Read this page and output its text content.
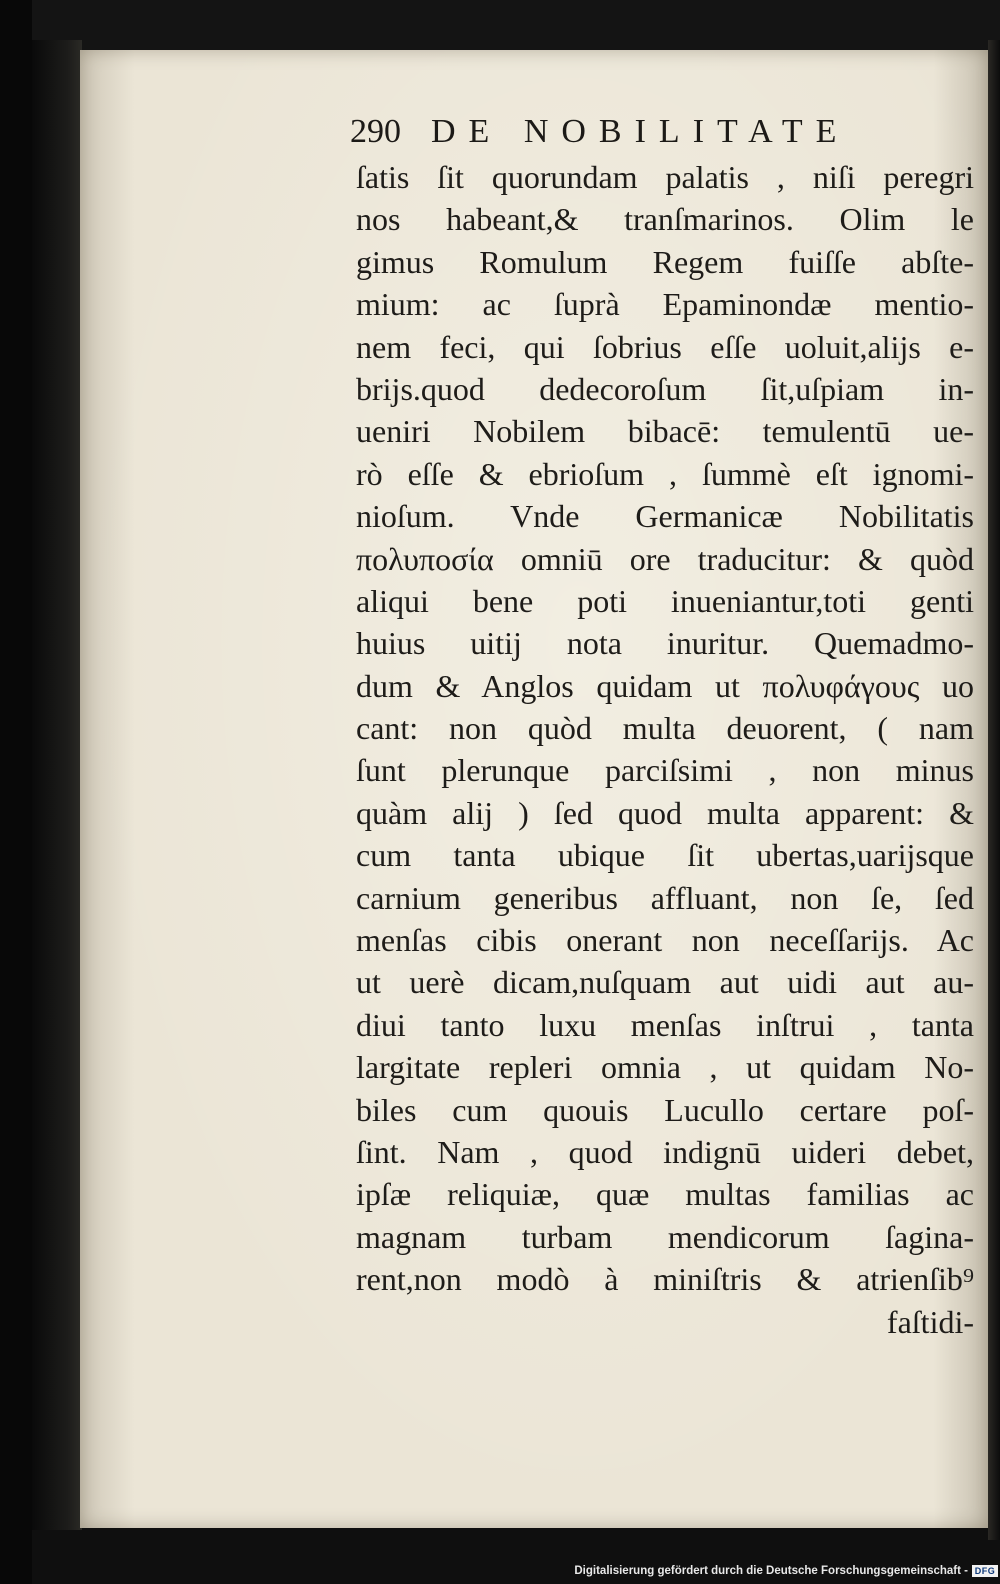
290 DE NOBILITATE
ſatis ſit quorundam palatis , niſi peregri
nos habeant,& tranſmarinos. Olim le
gimus Romulum Regem fuiſſe abſte-
mium: ac ſuprà Epaminondæ mentio-
nem feci, qui ſobrius eſſe uoluit,alijs e-
brijs.quod dedecoroſum ſit,uſpiam in-
ueniri Nobilem bibacē: temulentū ue-
rò eſſe & ebrioſum , ſummè eſt ignomi-
nioſum. Vnde Germanicæ Nobilitatis
πολυποσία omniū ore traducitur: & quòd
aliqui bene poti inueniantur,toti genti
huius uitij nota inuritur. Quemadmo-
dum & Anglos quidam ut πολυφάγους uo
cant: non quòd multa deuorent, ( nam
ſunt plerunque parciſsimi , non minus
quàm alij ) ſed quod multa apparent: &
cum tanta ubique ſit ubertas,uarijsque
carnium generibus affluant, non ſe, ſed
menſas cibis onerant non neceſſarijs. Ac
ut uerè dicam,nuſquam aut uidi aut au-
diui tanto luxu menſas inſtrui , tanta
largitate repleri omnia , ut quidam No-
biles cum quouis Lucullo certare poſ-
ſint. Nam , quod indignū uideri debet,
ipſæ reliquiæ, quæ multas familias ac
magnam turbam mendicorum ſagina-
rent,non modò à miniſtris & atrienſib⁹
faſtidi-
Digitalisierung gefördert durch die Deutsche Forschungsgemeinschaft - DFG
